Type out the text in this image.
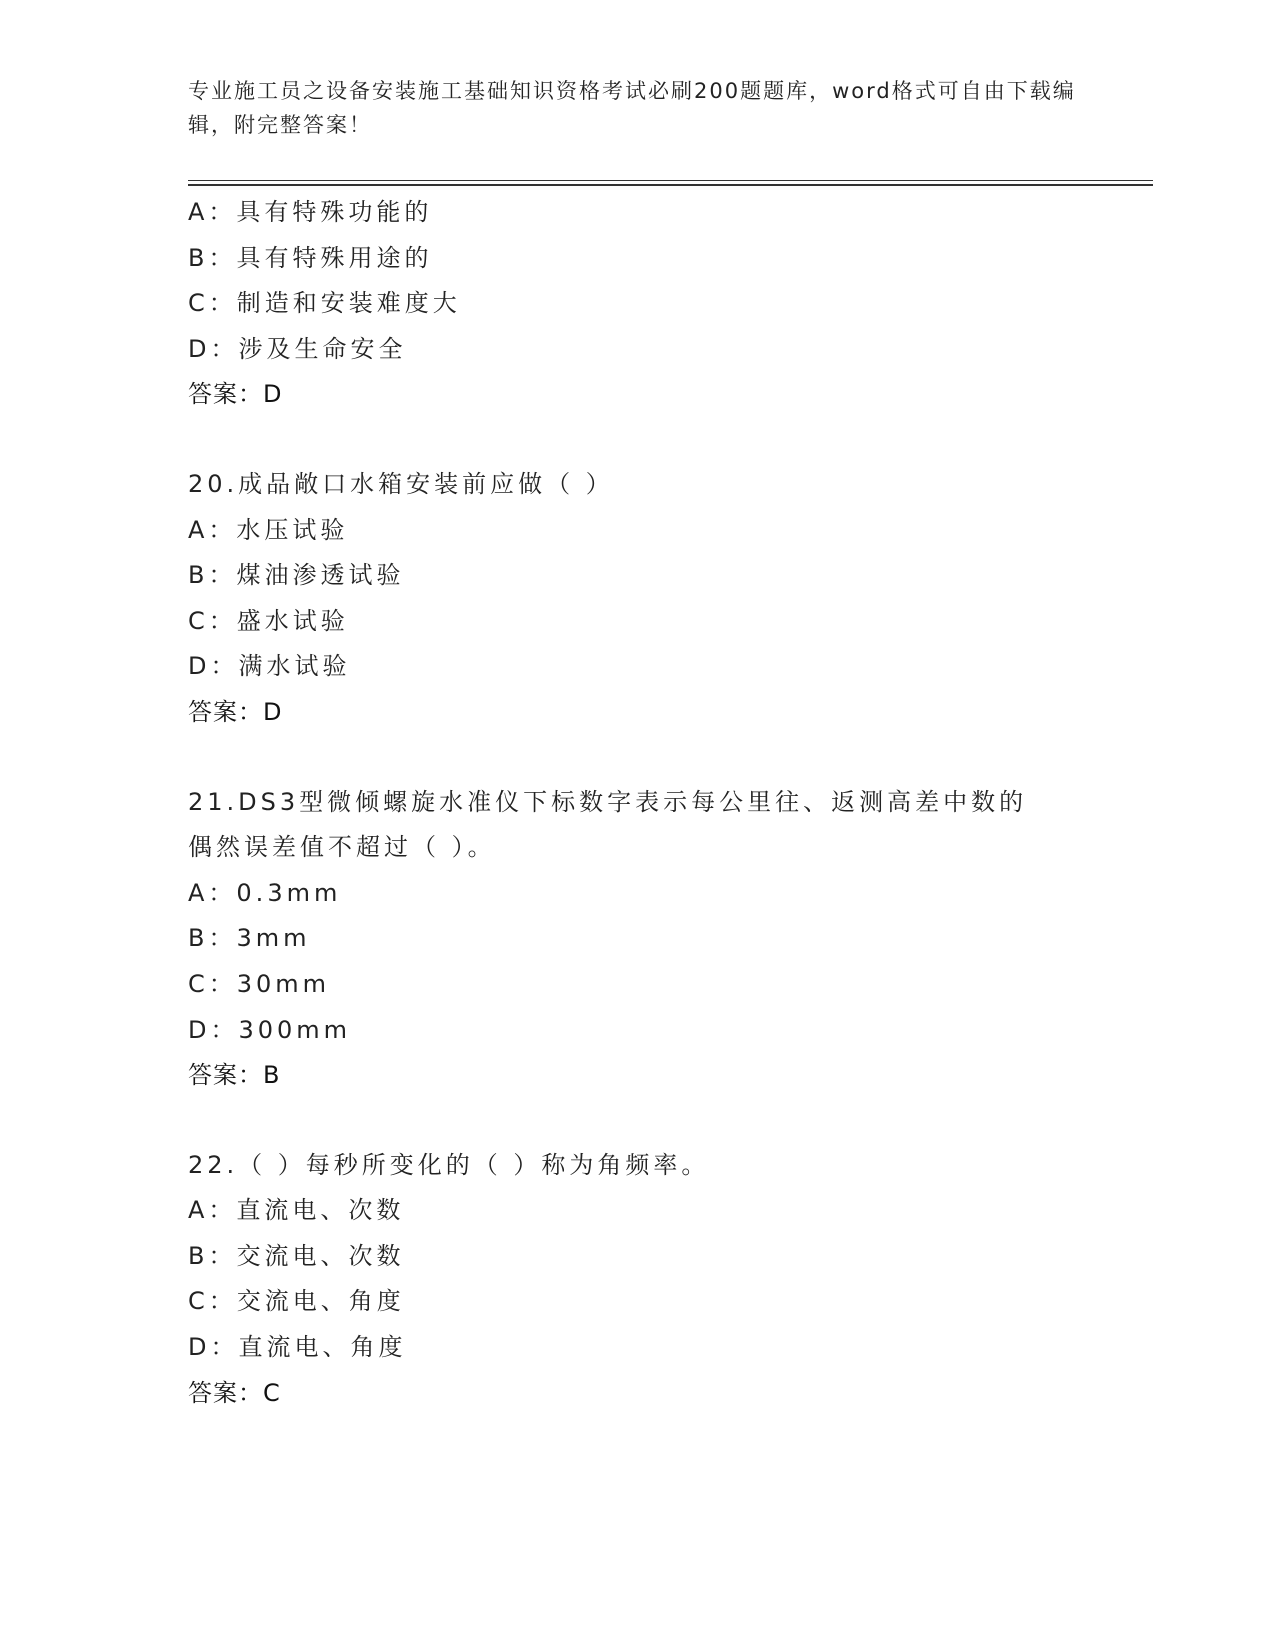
专业施工员之设备安装施工基础知识资格考试必刷200题题库，word格式可自由下载编辑，附完整答案！
A：具有特殊功能的
B：具有特殊用途的
C：制造和安装难度大
D：涉及生命安全
答案：D
20.成品敞口水箱安装前应做（ ）
A：水压试验
B：煤油渗透试验
C：盛水试验
D：满水试验
答案：D
21.DS3型微倾螺旋水准仪下标数字表示每公里往、返测高差中数的偶然误差值不超过（ ）。
A：0.3mm
B：3mm
C：30mm
D：300mm
答案：B
22.（ ）每秒所变化的（ ）称为角频率。
A：直流电、次数
B：交流电、次数
C：交流电、角度
D：直流电、角度
答案：C
